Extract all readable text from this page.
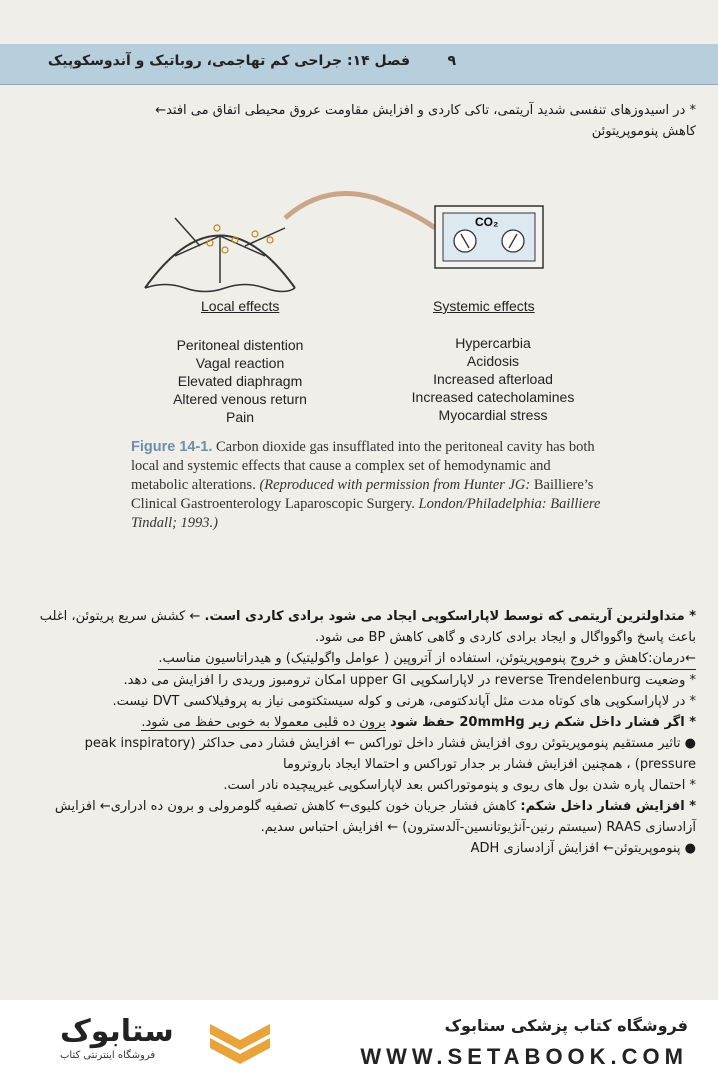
فصل ۱۴: جراحی کم تهاجمی، روباتیک و آندوسکوپیک	۹
* در اسیدوزهای تنفسی شدید آریتمی، تاکی کاردی و افزایش مقاومت عروق محیطی اتفاق می افتد←
کاهش پنوموپریتوئن
CO₂
Local effects	Systemic effects
Peritoneal distention
Vagal reaction
Elevated diaphragm
Altered venous return
Pain
Hypercarbia
Acidosis
Increased afterload
Increased catecholamines
Myocardial stress
Figure 14-1. Carbon dioxide gas insufflated into the peritoneal cavity has both local and systemic effects that cause a complex set of hemodynamic and metabolic alterations. (Reproduced with permission from Hunter JG: Bailliere’s Clinical Gastroenterology Laparoscopic Surgery. London/Philadelphia: Bailliere Tindall; 1993.)
* متداولترین آریتمی که توسط لاپاراسکوپی ایجاد می شود برادی کاردی است. ← کشش سریع پریتوئن، اغلب باعث پاسخ واگوواگال و ایجاد برادی کاردی و گاهی کاهش BP می شود.
←درمان:کاهش و خروج پنوموپریتوئن، استفاده از آتروپین ( عوامل واگولیتیک) و هیدراتاسیون مناسب.
* وضعیت reverse Trendelenburg در لاپاراسکوپی upper GI امکان ترومبوز وریدی را افزایش می دهد.
* در لاپاراسکوپی های کوتاه مدت مثل آپاندکتومی، هرنی و کوله سیستکتومی نیاز به پروفیلاکسی DVT نیست.
* اگر فشار داخل شکم زیر 20mmHg حفظ شود برون ده قلبی معمولا به خوبی حفظ می شود.
● تاثیر مستقیم پنوموپریتوئن روی افزایش فشار داخل توراکس ← افزایش فشار دمی حداکثر (peak inspiratory pressure) ، همچنین افزایش فشار بر جدار توراکس و احتمالا ایجاد باروتروما
* احتمال پاره شدن بول های ریوی و پنوموتوراکس بعد لاپاراسکوپی غیرپیچیده نادر است.
* افزایش فشار داخل شکم: کاهش فشار جریان خون کلیوی← کاهش تصفیه گلومرولی و برون ده ادراری← افزایش آزادسازی RAAS (سیستم رنین-آنژیوتانسین-آلدسترون) ← افزایش احتباس سدیم.
● پنوموپریتوئن← افزایش آزادسازی ADH
ستابوک
فروشگاه اینترنتی کتاب
فروشگاه کتاب پزشکی ستابوک
WWW.SETABOOK.COM
